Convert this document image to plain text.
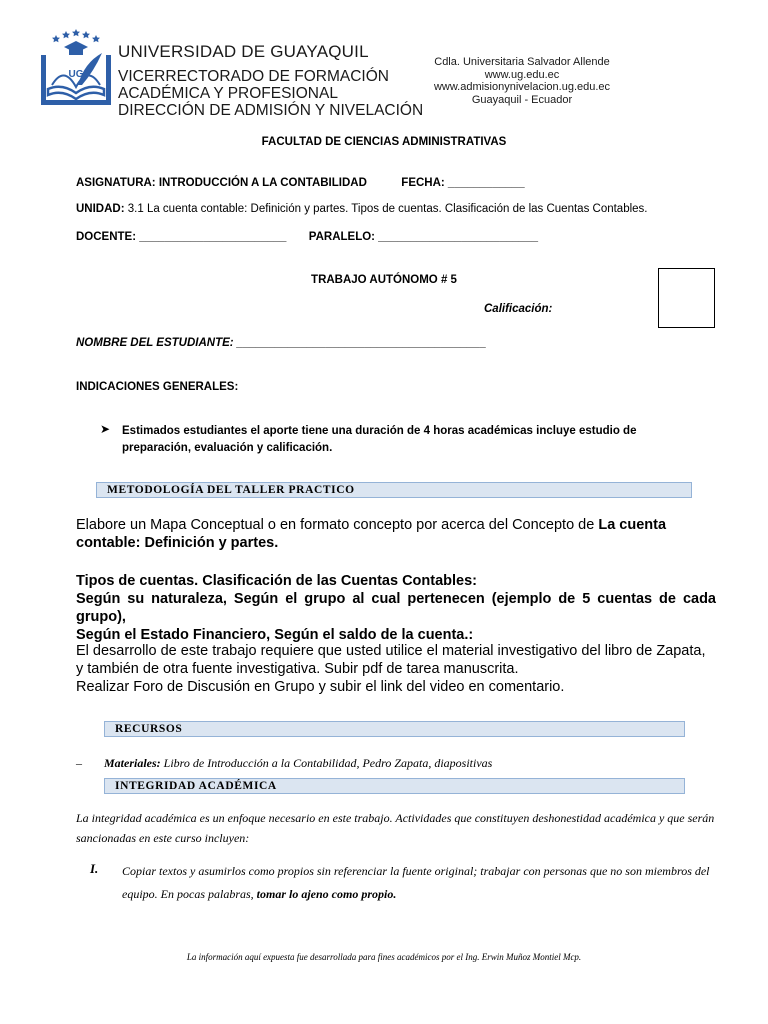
UG
UNIVERSIDAD DE GUAYAQUIL
VICERRECTORADO DE FORMACIÓN
ACADÉMICA Y PROFESIONAL
DIRECCIÓN DE ADMISIÓN Y NIVELACIÓN
Cdla. Universitaria Salvador Allende
www.ug.edu.ec
www.admisionynivelacion.ug.edu.ec
Guayaquil - Ecuador
FACULTAD DE CIENCIAS ADMINISTRATIVAS
ASIGNATURA: INTRODUCCIÓN A LA CONTABILIDAD	FECHA: ____________
UNIDAD: 3.1 La cuenta contable: Definición y partes. Tipos de cuentas. Clasificación de las Cuentas Contables.
DOCENTE: _______________________ PARALELO: _________________________
TRABAJO AUTÓNOMO # 5
Calificación:
NOMBRE DEL ESTUDIANTE: _______________________________________
INDICACIONES GENERALES:
➤ Estimados estudiantes el aporte tiene una duración de 4 horas académicas incluye estudio de preparación, evaluación y calificación.
METODOLOGÍA DEL TALLER PRACTICO
Elabore un Mapa Conceptual o en formato concepto por acerca del Concepto de La cuenta contable: Definición y partes.
Tipos de cuentas. Clasificación de las Cuentas Contables:
Según su naturaleza, Según el grupo al cual pertenecen (ejemplo de 5 cuentas de cada grupo),
Según el Estado Financiero, Según el saldo de la cuenta.:
El desarrollo de este trabajo requiere que usted utilice el material investigativo del libro de Zapata, y también de otra fuente investigativa. Subir pdf de tarea manuscrita.
Realizar Foro de Discusión en Grupo y subir el link del video en comentario.
RECURSOS
– Materiales: Libro de Introducción a la Contabilidad, Pedro Zapata, diapositivas
INTEGRIDAD ACADÉMICA
La integridad académica es un enfoque necesario en este trabajo. Actividades que constituyen deshonestidad académica y que serán sancionadas en este curso incluyen:
I. Copiar textos y asumirlos como propios sin referenciar la fuente original; trabajar con personas que no son miembros del equipo. En pocas palabras, tomar lo ajeno como propio.
La información aquí expuesta fue desarrollada para fines académicos por el Ing. Erwin Muñoz Montiel Mcp.
